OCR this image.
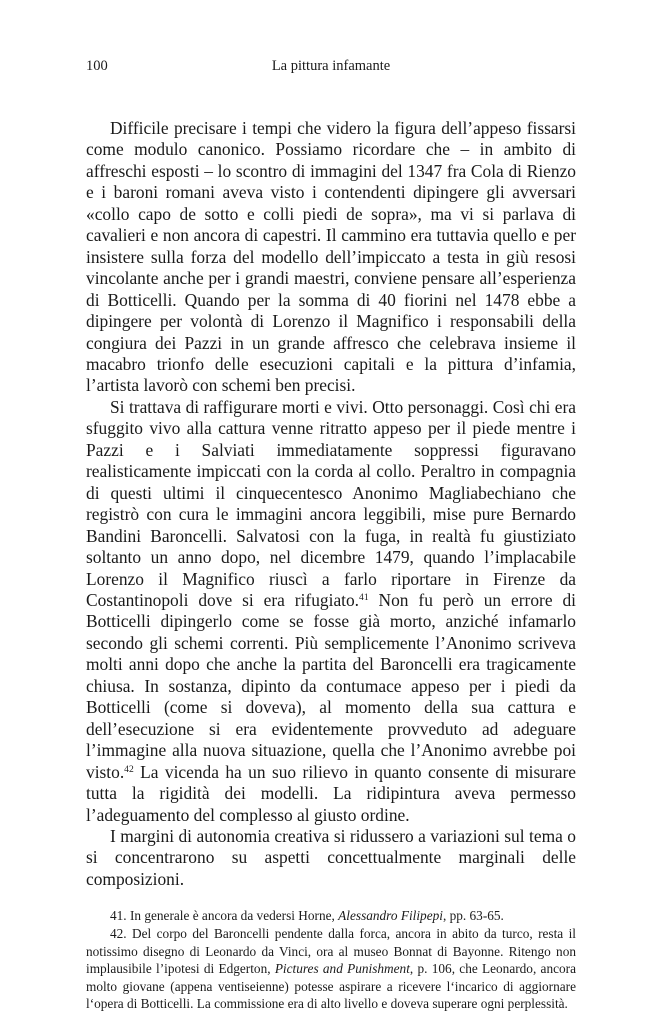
100	La pittura infamante

Difficile precisare i tempi che videro la figura dell’appeso fissarsi come modulo canonico. Possiamo ricordare che – in ambito di affreschi esposti – lo scontro di immagini del 1347 fra Cola di Rienzo e i baroni romani aveva visto i contendenti dipingere gli avversari «collo capo de sotto e colli piedi de sopra», ma vi si parlava di cavalieri e non ancora di capestri. Il cammino era tuttavia quello e per insistere sulla forza del modello dell’impiccato a testa in giù resosi vincolante anche per i grandi maestri, conviene pensare all’esperienza di Botticelli. Quando per la somma di 40 fiorini nel 1478 ebbe a dipingere per volontà di Lorenzo il Magnifico i responsabili della congiura dei Pazzi in un grande affresco che celebrava insieme il macabro trionfo delle esecuzioni capitali e la pittura d’infamia, l’artista lavorò con schemi ben precisi.

Si trattava di raffigurare morti e vivi. Otto personaggi. Così chi era sfuggito vivo alla cattura venne ritratto appeso per il piede mentre i Pazzi e i Salviati immediatamente soppressi figuravano realisticamente impiccati con la corda al collo. Peraltro in compagnia di questi ultimi il cinquecentesco Anonimo Magliabechiano che registrò con cura le immagini ancora leggibili, mise pure Bernardo Bandini Baroncelli. Salvatosi con la fuga, in realtà fu giustiziato soltanto un anno dopo, nel dicembre 1479, quando l’implacabile Lorenzo il Magnifico riuscì a farlo riportare in Firenze da Costantinopoli dove si era rifugiato.$^{41}$ Non fu però un errore di Botticelli dipingerlo come se fosse già morto, anziché infamarlo secondo gli schemi correnti. Più semplicemente l’Anonimo scriveva molti anni dopo che anche la partita del Baroncelli era tragicamente chiusa. In sostanza, dipinto da contumace appeso per i piedi da Botticelli (come si doveva), al momento della sua cattura e dell’esecuzione si era evidentemente provveduto ad adeguare l’immagine alla nuova situazione, quella che l’Anonimo avrebbe poi visto.$^{42}$ La vicenda ha un suo rilievo in quanto consente di misurare tutta la rigidità dei modelli. La ridipintura aveva permesso l’adeguamento del complesso al giusto ordine.

I margini di autonomia creativa si ridussero a variazioni sul tema o si concentrarono su aspetti concettualmente marginali delle composizioni.

41. In generale è ancora da vedersi Horne, Alessandro Filipepi, pp. 63-65.

42. Del corpo del Baroncelli pendente dalla forca, ancora in abito da turco, resta il notissimo disegno di Leonardo da Vinci, ora al museo Bonnat di Bayonne. Ritengo non implausibile l’ipotesi di Edgerton, Pictures and Punishment, p. 106, che Leonardo, ancora molto giovane (appena ventiseienne) potesse aspirare a ricevere l‘incarico di aggiornare l‘opera di Botticelli. La commissione era di alto livello e doveva superare ogni perplessità.
